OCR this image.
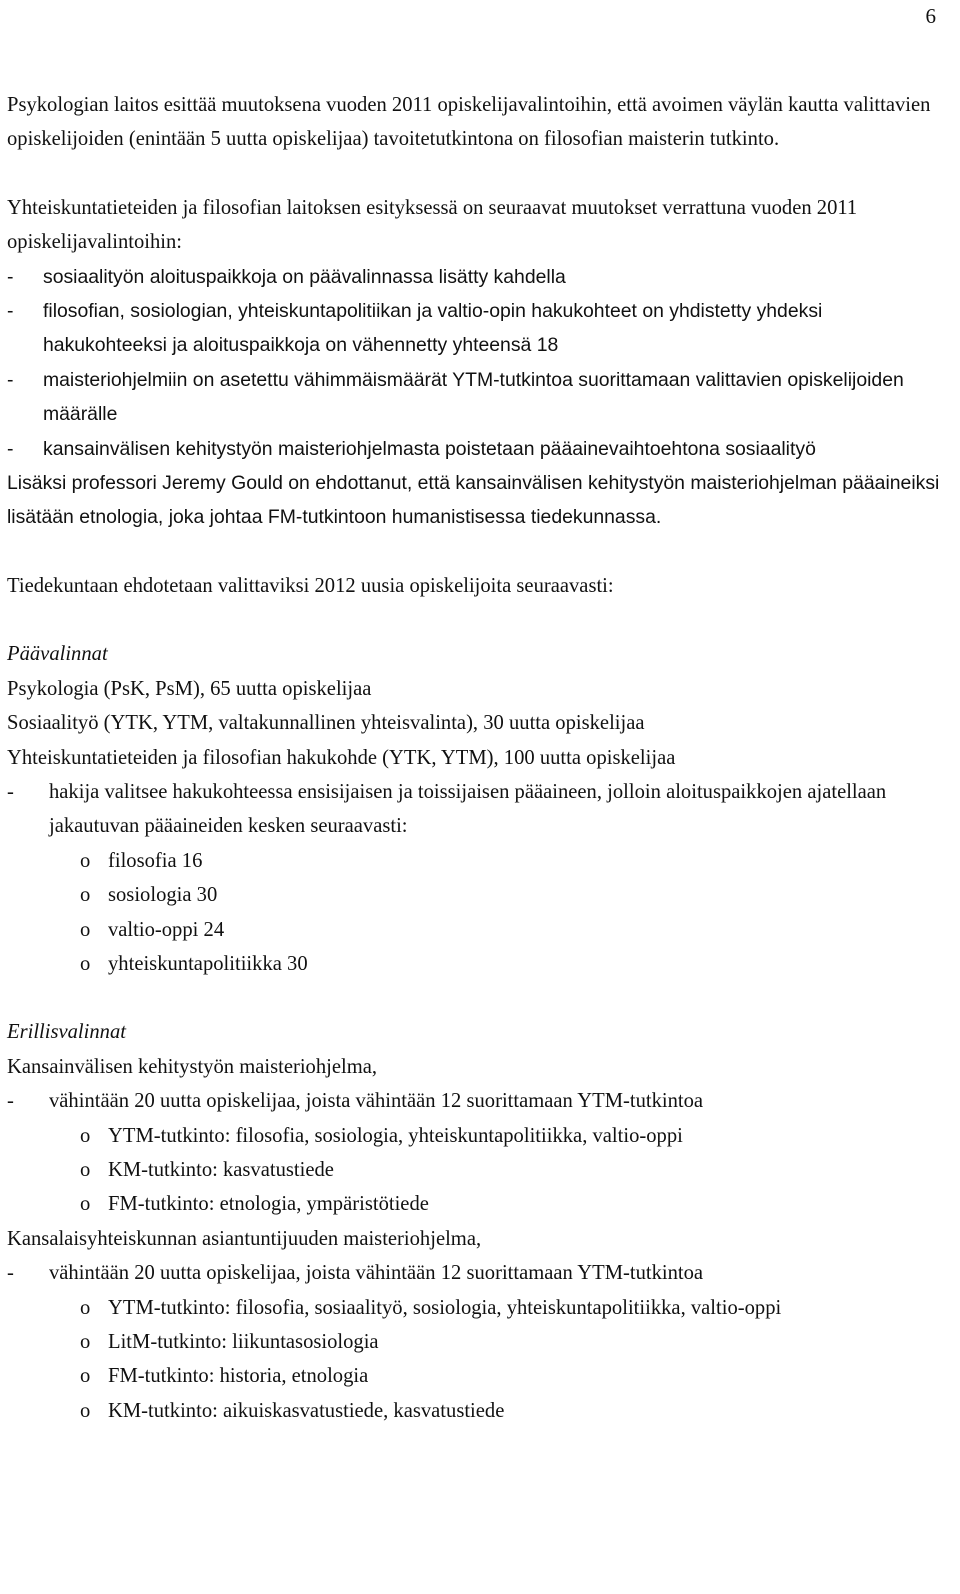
6

Psykologian laitos esittää muutoksena vuoden 2011 opiskelijavalintoihin, että avoimen väylän kautta valittavien opiskelijoiden (enintään 5 uutta opiskelijaa) tavoitetutkintona on filosofian maisterin tutkinto.

Yhteiskuntatieteiden ja filosofian laitoksen esityksessä on seuraavat muutokset verrattuna vuoden 2011 opiskelijavalintoihin:

- sosiaalityön aloituspaikkoja on päävalinnassa lisätty kahdella

- filosofian, sosiologian, yhteiskuntapolitiikan ja valtio-opin hakukohteet on yhdistetty yhdeksi hakukohteeksi ja aloituspaikkoja on vähennetty yhteensä 18

- maisteriohjelmiin on asetettu vähimmäismäärät YTM-tutkintoa suorittamaan valittavien opiskelijoiden määrälle

- kansainvälisen kehitystyön maisteriohjelmasta poistetaan pääainevaihtoehtona sosiaalityö

Lisäksi professori Jeremy Gould on ehdottanut, että kansainvälisen kehitystyön maisteriohjelman pääaineiksi lisätään etnologia, joka johtaa FM-tutkintoon humanistisessa tiedekunnassa.

Tiedekuntaan ehdotetaan valittaviksi 2012 uusia opiskelijoita seuraavasti:

Päävalinnat

Psykologia (PsK, PsM), 65 uutta opiskelijaa

Sosiaalityö (YTK, YTM, valtakunnallinen yhteisvalinta), 30 uutta opiskelijaa

Yhteiskuntatieteiden ja filosofian hakukohde (YTK, YTM), 100 uutta opiskelijaa

- hakija valitsee hakukohteessa ensisijaisen ja toissijaisen pääaineen, jolloin aloituspaikkojen ajatellaan jakautuvan pääaineiden kesken seuraavasti:

o filosofia 16

o sosiologia 30

o valtio-oppi 24

o yhteiskuntapolitiikka 30

Erillisvalinnat

Kansainvälisen kehitystyön maisteriohjelma,

- vähintään 20 uutta opiskelijaa, joista vähintään 12 suorittamaan YTM-tutkintoa

o YTM-tutkinto: filosofia, sosiologia, yhteiskuntapolitiikka, valtio-oppi

o KM-tutkinto: kasvatustiede

o FM-tutkinto: etnologia, ympäristötiede

Kansalaisyhteiskunnan asiantuntijuuden maisteriohjelma,

- vähintään 20 uutta opiskelijaa, joista vähintään 12 suorittamaan YTM-tutkintoa

o YTM-tutkinto: filosofia, sosiaalityö, sosiologia, yhteiskuntapolitiikka, valtio-oppi

o LitM-tutkinto: liikuntasosiologia

o FM-tutkinto: historia, etnologia

o KM-tutkinto: aikuiskasvatustiede, kasvatustiede
